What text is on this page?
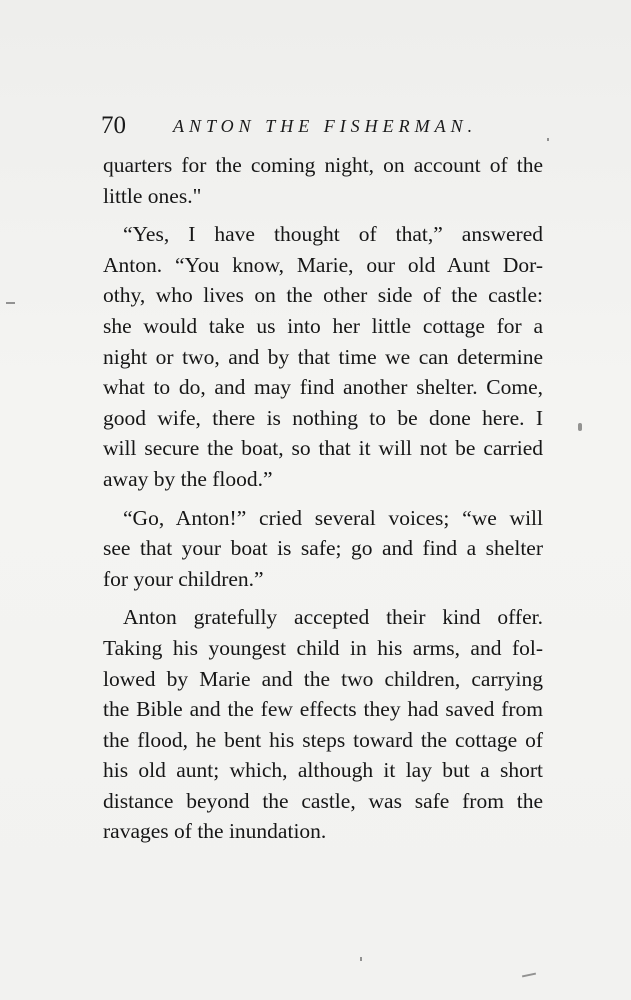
70	ANTON THE FISHERMAN.
quarters for the coming night, on account of the
little ones."
“Yes, I have thought of that,” answered
Anton. “You know, Marie, our old Aunt Dor-
othy, who lives on the other side of the castle:
she would take us into her little cottage for a
night or two, and by that time we can determine
what to do, and may find another shelter. Come,
good wife, there is nothing to be done here. I
will secure the boat, so that it will not be carried
away by the flood.”
“Go, Anton!” cried several voices; “we will
see that your boat is safe; go and find a shelter
for your children.”
Anton gratefully accepted their kind offer.
Taking his youngest child in his arms, and fol-
lowed by Marie and the two children, carrying
the Bible and the few effects they had saved from
the flood, he bent his steps toward the cottage of
his old aunt; which, although it lay but a short
distance beyond the castle, was safe from the
ravages of the inundation.
